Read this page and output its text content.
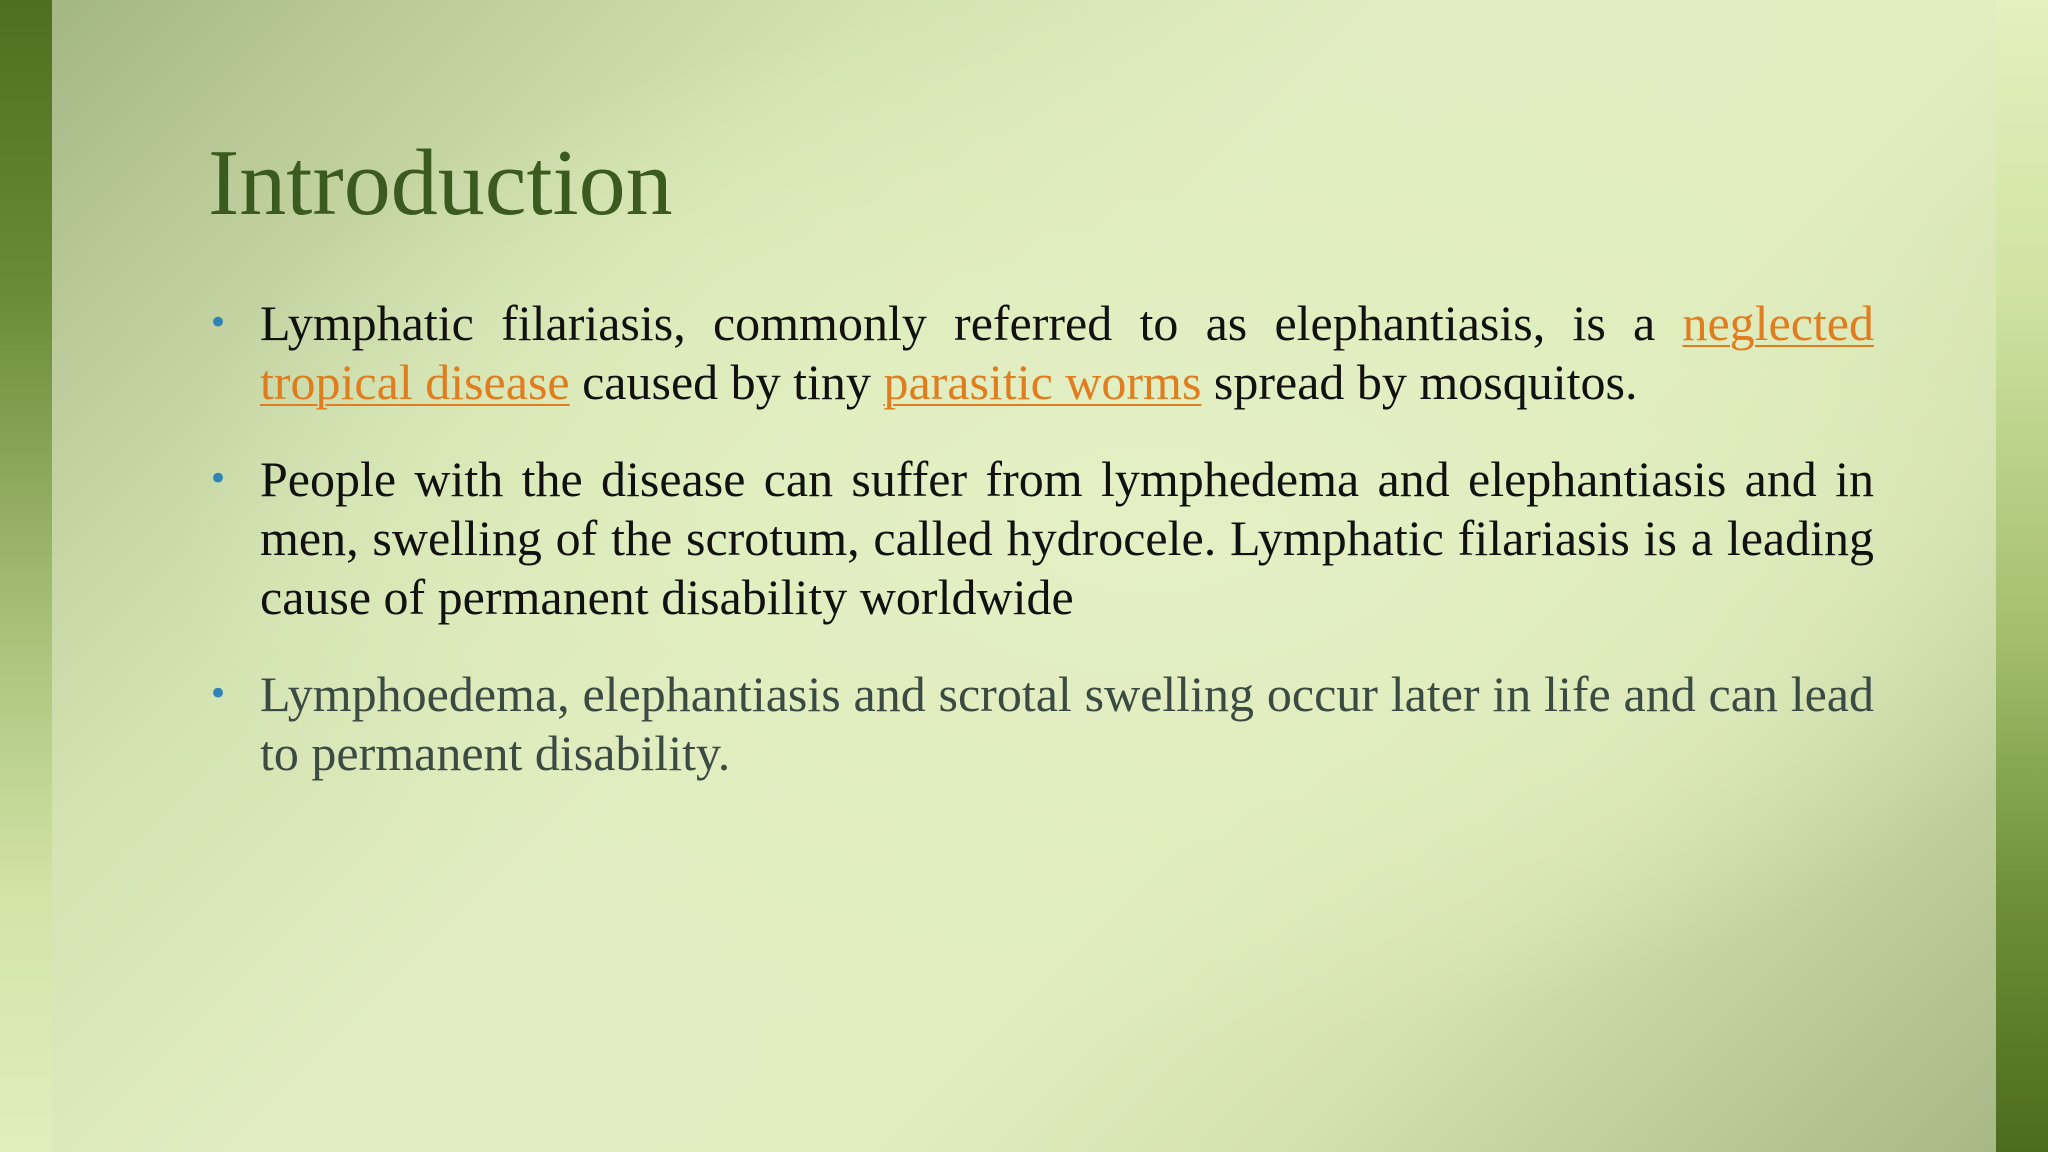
Introduction
• Lymphatic filariasis, commonly referred to as elephantiasis, is a neglected tropical disease caused by tiny parasitic worms spread by mosquitos.
• People with the disease can suffer from lymphedema and elephantiasis and in men, swelling of the scrotum, called hydrocele. Lymphatic filariasis is a leading cause of permanent disability worldwide
• Lymphoedema, elephantiasis and scrotal swelling occur later in life and can lead to permanent disability.
